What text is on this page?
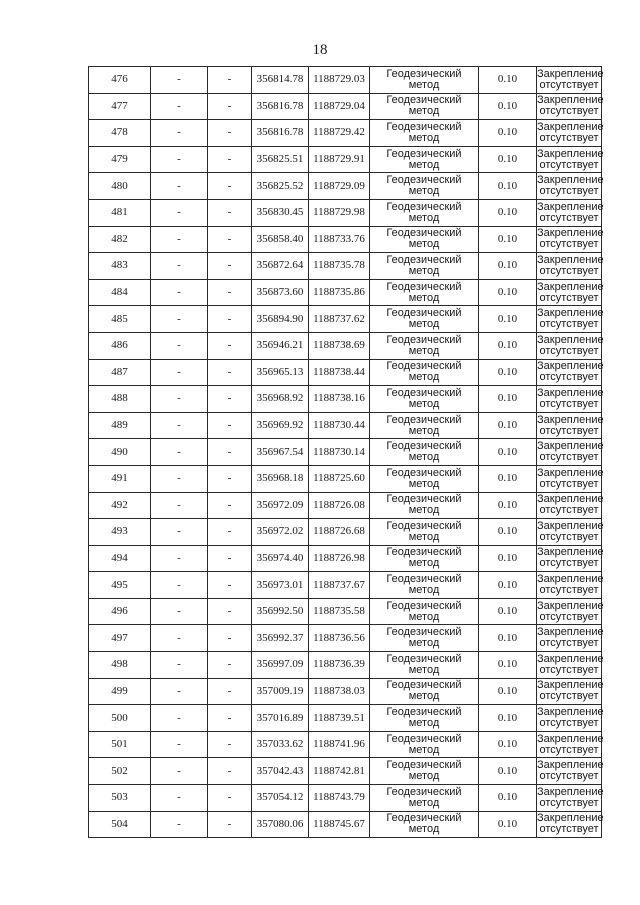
18
476	-	-	356814.78	1188729.03	Геодезический метод	0.10	Закрепление отсутствует
477	-	-	356816.78	1188729.04	Геодезический метод	0.10	Закрепление отсутствует
478	-	-	356816.78	1188729.42	Геодезический метод	0.10	Закрепление отсутствует
479	-	-	356825.51	1188729.91	Геодезический метод	0.10	Закрепление отсутствует
480	-	-	356825.52	1188729.09	Геодезический метод	0.10	Закрепление отсутствует
481	-	-	356830.45	1188729.98	Геодезический метод	0.10	Закрепление отсутствует
482	-	-	356858.40	1188733.76	Геодезический метод	0.10	Закрепление отсутствует
483	-	-	356872.64	1188735.78	Геодезический метод	0.10	Закрепление отсутствует
484	-	-	356873.60	1188735.86	Геодезический метод	0.10	Закрепление отсутствует
485	-	-	356894.90	1188737.62	Геодезический метод	0.10	Закрепление отсутствует
486	-	-	356946.21	1188738.69	Геодезический метод	0.10	Закрепление отсутствует
487	-	-	356965.13	1188738.44	Геодезический метод	0.10	Закрепление отсутствует
488	-	-	356968.92	1188738.16	Геодезический метод	0.10	Закрепление отсутствует
489	-	-	356969.92	1188730.44	Геодезический метод	0.10	Закрепление отсутствует
490	-	-	356967.54	1188730.14	Геодезический метод	0.10	Закрепление отсутствует
491	-	-	356968.18	1188725.60	Геодезический метод	0.10	Закрепление отсутствует
492	-	-	356972.09	1188726.08	Геодезический метод	0.10	Закрепление отсутствует
493	-	-	356972.02	1188726.68	Геодезический метод	0.10	Закрепление отсутствует
494	-	-	356974.40	1188726.98	Геодезический метод	0.10	Закрепление отсутствует
495	-	-	356973.01	1188737.67	Геодезический метод	0.10	Закрепление отсутствует
496	-	-	356992.50	1188735.58	Геодезический метод	0.10	Закрепление отсутствует
497	-	-	356992.37	1188736.56	Геодезический метод	0.10	Закрепление отсутствует
498	-	-	356997.09	1188736.39	Геодезический метод	0.10	Закрепление отсутствует
499	-	-	357009.19	1188738.03	Геодезический метод	0.10	Закрепление отсутствует
500	-	-	357016.89	1188739.51	Геодезический метод	0.10	Закрепление отсутствует
501	-	-	357033.62	1188741.96	Геодезический метод	0.10	Закрепление отсутствует
502	-	-	357042.43	1188742.81	Геодезический метод	0.10	Закрепление отсутствует
503	-	-	357054.12	1188743.79	Геодезический метод	0.10	Закрепление отсутствует
504	-	-	357080.06	1188745.67	Геодезический метод	0.10	Закрепление отсутствует
